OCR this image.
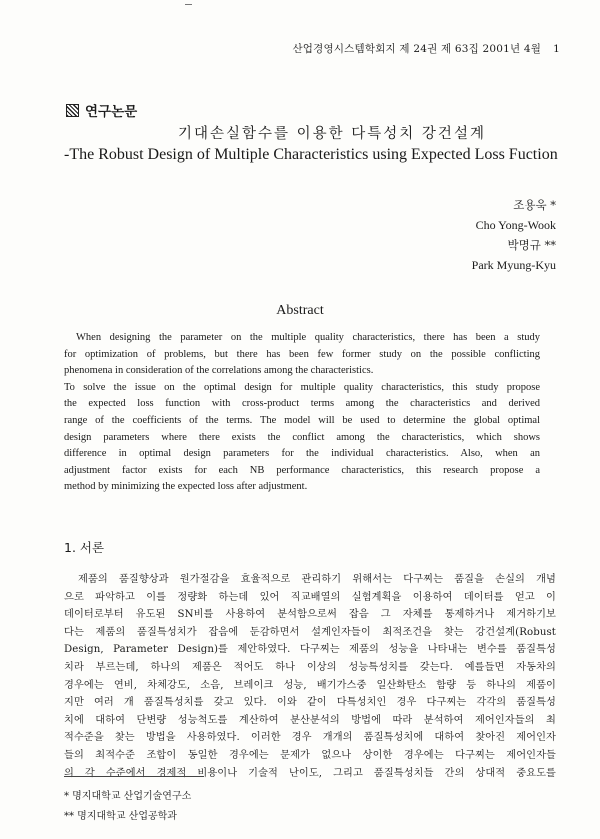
산업경영시스템학회지 제 24권 제 63집 2001년 4월 1
연구논문
기대손실함수를 이용한 다특성치 강건설계
-The Robust Design of Multiple Characteristics using Expected Loss Fuction
조용욱 *
Cho Yong-Wook
박명규 **
Park Myung-Kyu
Abstract

When designing the parameter on the multiple quality characteristics, there has been a study

for optimization of problems, but there has been few former study on the possible conflicting

phenomena in consideration of the correlations among the characteristics.

To solve the issue on the optimal design for multiple quality characteristics, this study propose

the expected loss function with cross-product terms among the characteristics and derived

range of the coefficients of the terms. The model will be used to determine the global optimal

design parameters where there exists the conflict among the characteristics, which shows

difference in optimal design parameters for the individual characteristics. Also, when an

adjustment factor exists for each NB performance characteristics, this research propose a

method by minimizing the expected loss after adjustment.

1. 서론

제품의 품질향상과 원가절감을 효율적으로 관리하기 위해서는 다구찌는 품질을 손실의 개념

으로 파악하고 이를 정량화 하는데 있어 직교배열의 실험계획을 이용하여 데이터를 얻고 이

데이터로부터 유도된 SN비를 사용하여 분석함으로써 잡음 그 자체를 통제하거나 제거하기보

다는 제품의 품질특성치가 잡음에 둔감하면서 설계인자들이 최적조건을 찾는 강건설계(Robust

Design, Parameter Design)를 제안하였다. 다구찌는 제품의 성능을 나타내는 변수를 품질특성

치라 부르는데, 하나의 제품은 적어도 하나 이상의 성능특성치를 갖는다. 예를들면 자동차의

경우에는 연비, 차체강도, 소음, 브레이크 성능, 배기가스중 일산화탄소 함량 등 하나의 제품이

지만 여러 개 품질특성치를 갖고 있다. 이와 같이 다특성치인 경우 다구찌는 각각의 품질특성

치에 대하여 단변량 성능척도를 계산하여 분산분석의 방법에 따라 분석하여 제어인자들의 최

적수준을 찾는 방법을 사용하였다. 이러한 경우 개개의 품질특성치에 대하여 찾아진 제어인자

들의 최적수준 조합이 동일한 경우에는 문제가 없으나 상이한 경우에는 다구찌는 제어인자들

의 각 수준에서 경제적 비용이나 기술적 난이도, 그리고 품질특성치들 간의 상대적 중요도를

* 명지대학교 산업기술연구소
** 명지대학교 산업공학과
